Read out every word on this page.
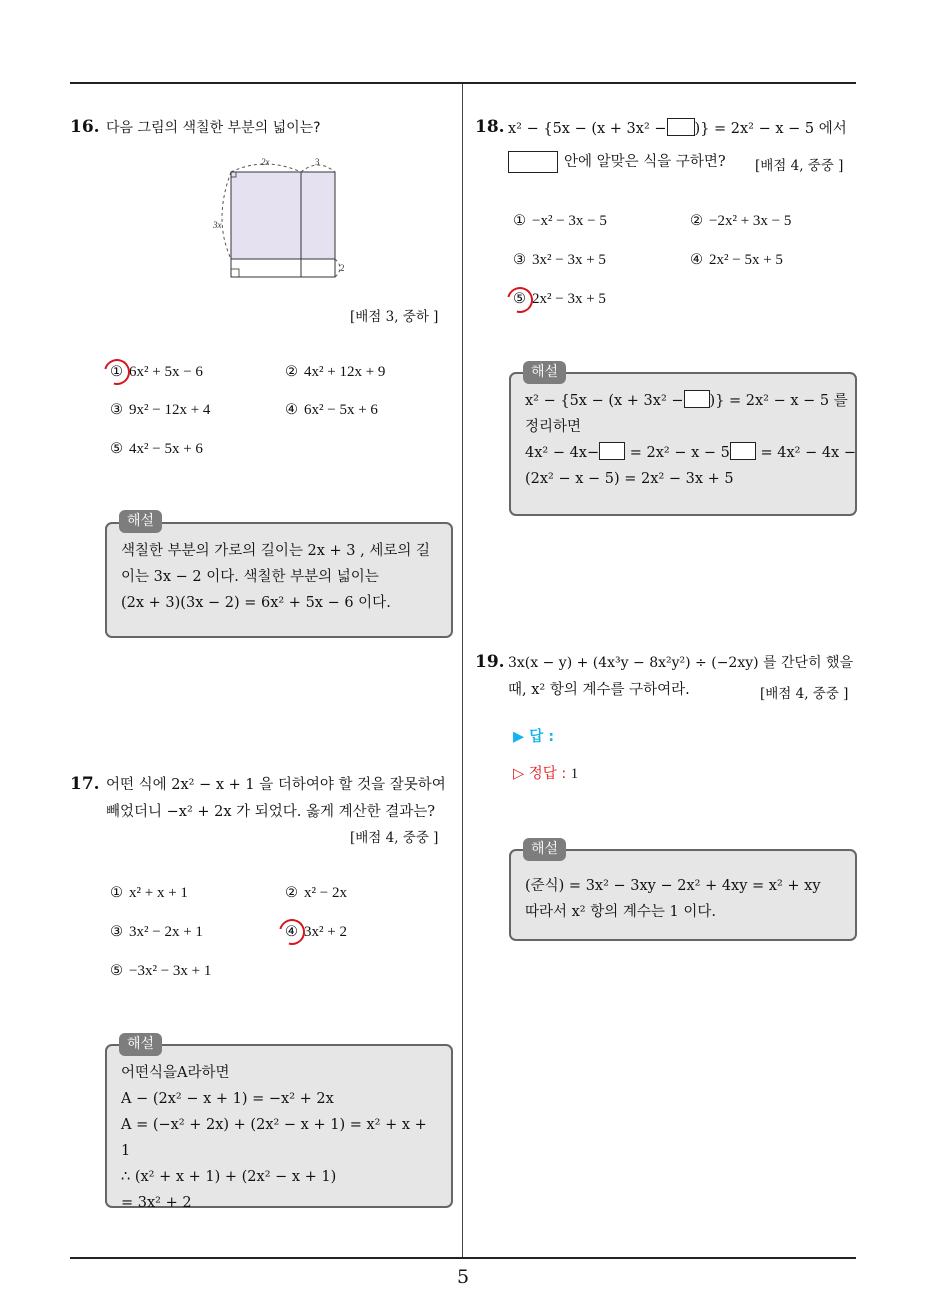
16. 다음 그림의 색칠한 부분의 넓이는?
2x	3
3x
2
[배점 3, 중하 ]
① 6x² + 5x − 6	② 4x² + 12x + 9
③ 9x² − 12x + 4	④ 6x² − 5x + 6
⑤ 4x² − 5x + 6
색칠한 부분의 가로의 길이는 2x + 3 , 세로의 길
이는 3x − 2 이다. 색칠한 부분의 넓이는
(2x + 3)(3x − 2) = 6x² + 5x − 6 이다.
해설
17. 어떤 식에 2x² − x + 1 을 더하여야 할 것을 잘못하여
빼었더니 −x² + 2x 가 되었다. 옳게 계산한 결과는?
[배점 4, 중중 ]
① x² + x + 1	② x² − 2x
③ 3x² − 2x + 1	④ 3x² + 2
⑤ −3x² − 3x + 1
어떤식을A라하면
A − (2x² − x + 1) = −x² + 2x
A = (−x² + 2x) + (2x² − x + 1) = x² + x + 1
∴ (x² + x + 1) + (2x² − x + 1)
= 3x² + 2
해설
18. x² − {5x − (x + 3x² − )} = 2x² − x − 5 에서
안에 알맞은 식을 구하면? [배점 4, 중중 ]
① −x² − 3x − 5	② −2x² + 3x − 5
③ 3x² − 3x + 5	④ 2x² − 5x + 5
⑤ 2x² − 3x + 5
x² − {5x − (x + 3x² − )} = 2x² − x − 5 를
정리하면
4x² − 4x− = 2x² − x − 5 = 4x² − 4x −
(2x² − x − 5) = 2x² − 3x + 5
해설
19. 3x(x − y) + (4x³y − 8x²y²) ÷ (−2xy) 를 간단히 했을
때, x² 항의 계수를 구하여라.	[배점 4, 중중 ]
▶ 답 :
▷ 정답 : 1
(준식) = 3x² − 3xy − 2x² + 4xy = x² + xy
따라서 x² 항의 계수는 1 이다.
해설
5
